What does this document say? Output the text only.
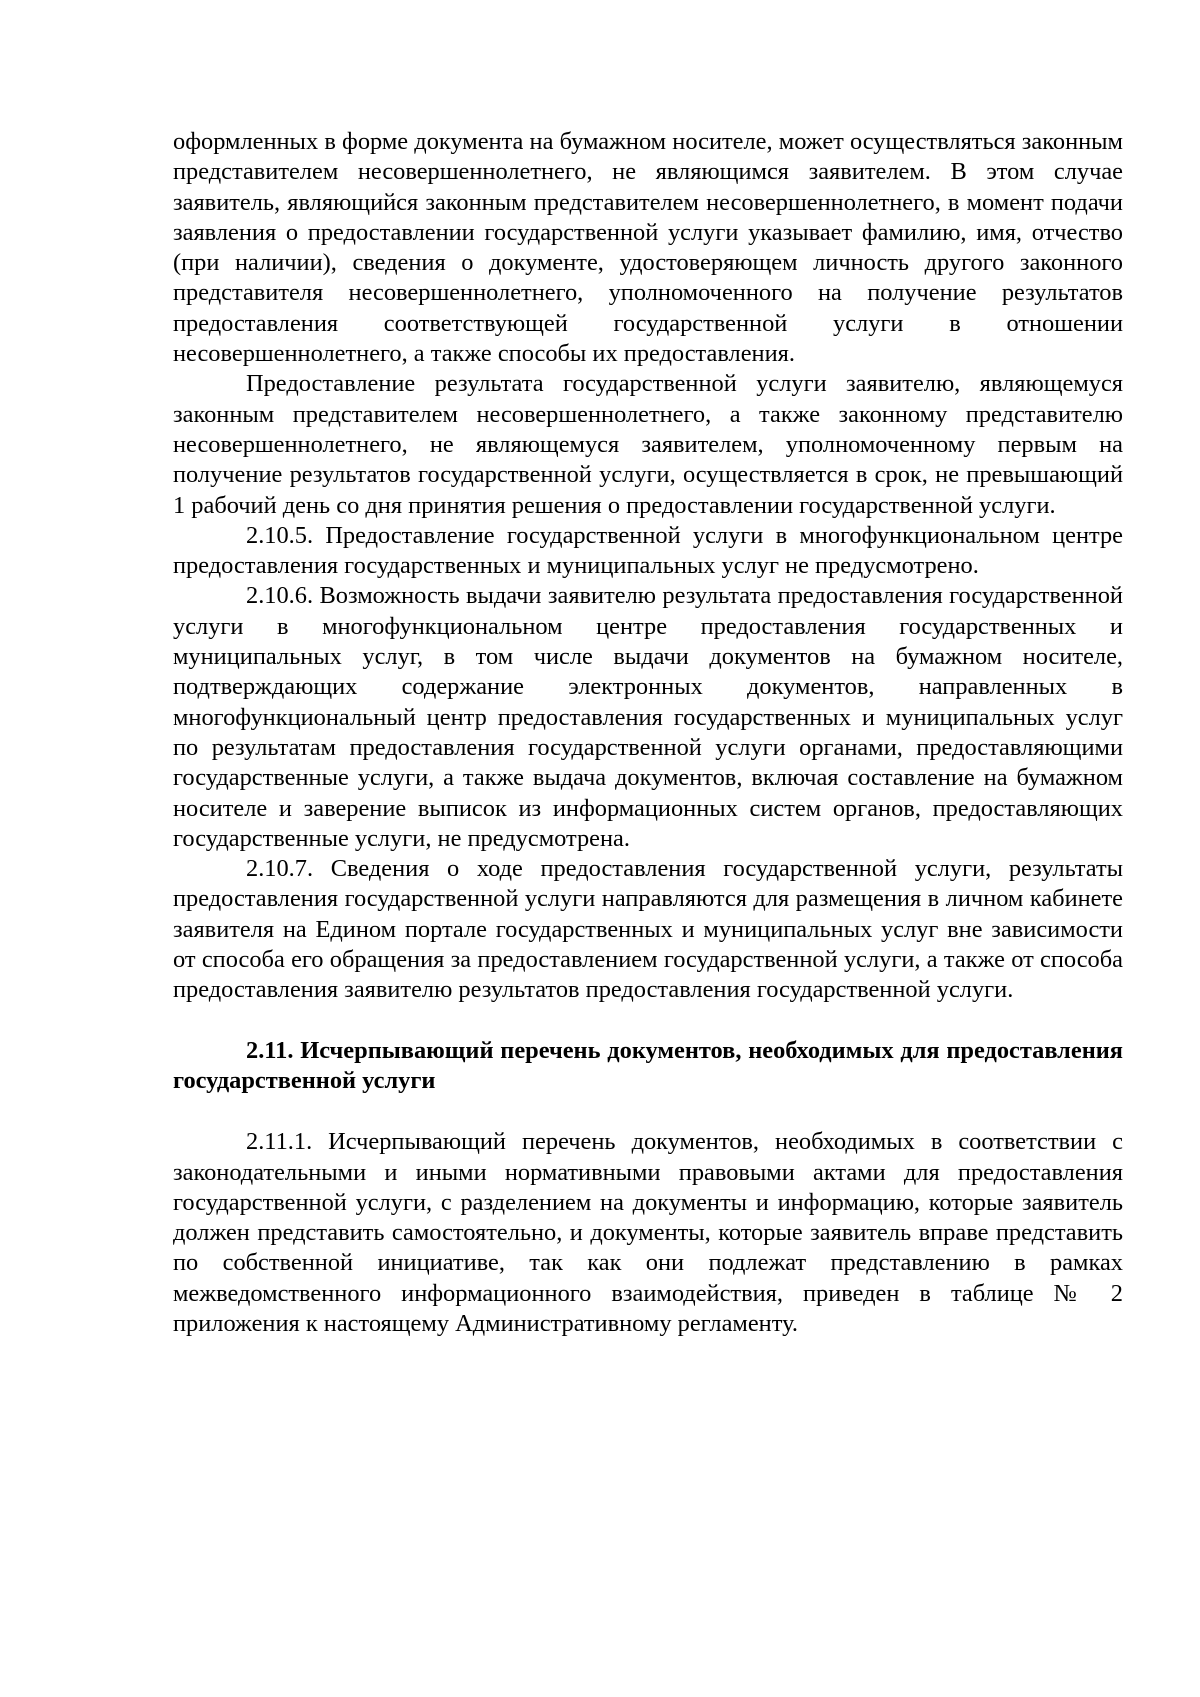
оформленных в форме документа на бумажном носителе, может осуществляться законным представителем несовершеннолетнего, не являющимся заявителем. В этом случае заявитель, являющийся законным представителем несовершеннолетнего, в момент подачи заявления о предоставлении государственной услуги указывает фамилию, имя, отчество (при наличии), сведения о документе, удостоверяющем личность другого законного представителя несовершеннолетнего, уполномоченного на получение результатов предоставления соответствующей государственной услуги в отношении несовершеннолетнего, а также способы их предоставления.

Предоставление результата государственной услуги заявителю, являющемуся законным представителем несовершеннолетнего, а также законному представителю несовершеннолетнего, не являющемуся заявителем, уполномоченному первым на получение результатов государственной услуги, осуществляется в срок, не превышающий 1 рабочий день со дня принятия решения о предоставлении государственной услуги.

2.10.5. Предоставление государственной услуги в многофункциональном центре предоставления государственных и муниципальных услуг не предусмотрено.

2.10.6. Возможность выдачи заявителю результата предоставления государственной услуги в многофункциональном центре предоставления государственных и муниципальных услуг, в том числе выдачи документов на бумажном носителе, подтверждающих содержание электронных документов, направленных в многофункциональный центр предоставления государственных и муниципальных услуг по результатам предоставления государственной услуги органами, предоставляющими государственные услуги, а также выдача документов, включая составление на бумажном носителе и заверение выписок из информационных систем органов, предоставляющих государственные услуги, не предусмотрена.

2.10.7. Сведения о ходе предоставления государственной услуги, результаты предоставления государственной услуги направляются для размещения в личном кабинете заявителя на Едином портале государственных и муниципальных услуг вне зависимости от способа его обращения за предоставлением государственной услуги, а также от способа предоставления заявителю результатов предоставления государственной услуги.

2.11. Исчерпывающий перечень документов, необходимых для предоставления государственной услуги

2.11.1. Исчерпывающий перечень документов, необходимых в соответствии с законодательными и иными нормативными правовыми актами для предоставления государственной услуги, с разделением на документы и информацию, которые заявитель должен представить самостоятельно, и документы, которые заявитель вправе представить по собственной инициативе, так как они подлежат представлению в рамках межведомственного информационного взаимодействия, приведен в таблице № 2 приложения к настоящему Административному регламенту.
